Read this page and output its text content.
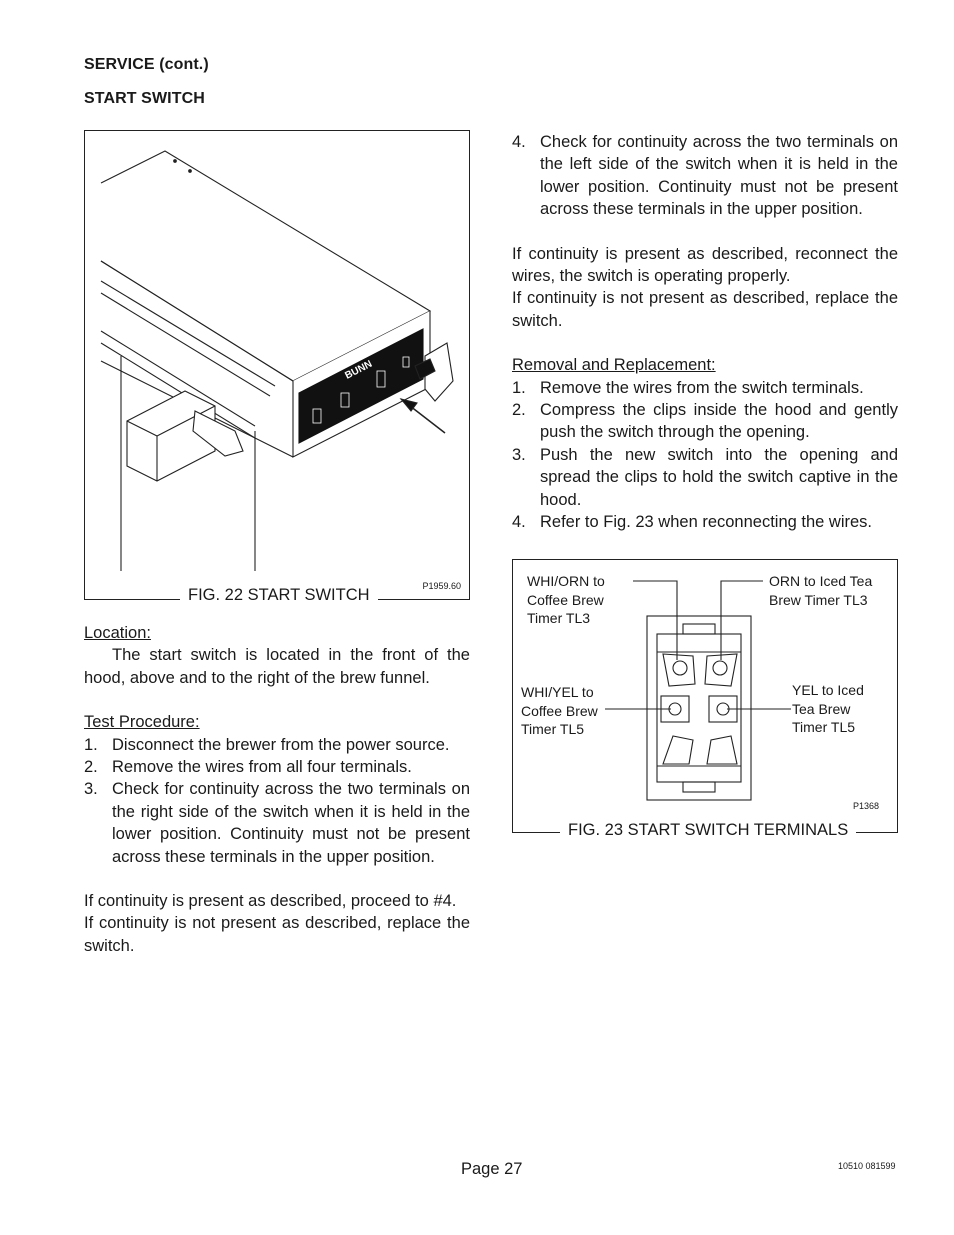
SERVICE (cont.)
START SWITCH
BUNN
P1959.60
FIG. 22 START SWITCH
Location:
The start switch is located in the front of the hood, above and to the right of the brew funnel.
Test Procedure:
1. Disconnect the brewer from the power source.
2. Remove the wires from all four terminals.
3. Check for continuity across the two terminals on the right side of the switch when it is held in the lower position. Continuity must not be present across these terminals in the upper position.
If continuity is present as described, proceed to #4.
If continuity is not present as described, replace the switch.
4. Check for continuity across the two terminals on the left side of the switch when it is held in the lower position. Continuity must not be present across these terminals in the upper position.
If continuity is present as described, reconnect the wires, the switch is operating properly.
If continuity is not present as described, replace the switch.
Removal and Replacement:
1. Remove the wires from the switch terminals.
2. Compress the clips inside the hood and gently push the switch through the opening.
3. Push the new switch into the opening and spread the clips to hold the switch captive in the hood.
4. Refer to Fig. 23 when reconnecting the wires.
WHI/ORN to
Coffee Brew
Timer TL3
ORN to Iced Tea
Brew Timer TL3
WHI/YEL to
Coffee Brew
Timer TL5
YEL to Iced
Tea Brew
Timer TL5
P1368
FIG. 23 START SWITCH TERMINALS
Page 27	10510 081599
